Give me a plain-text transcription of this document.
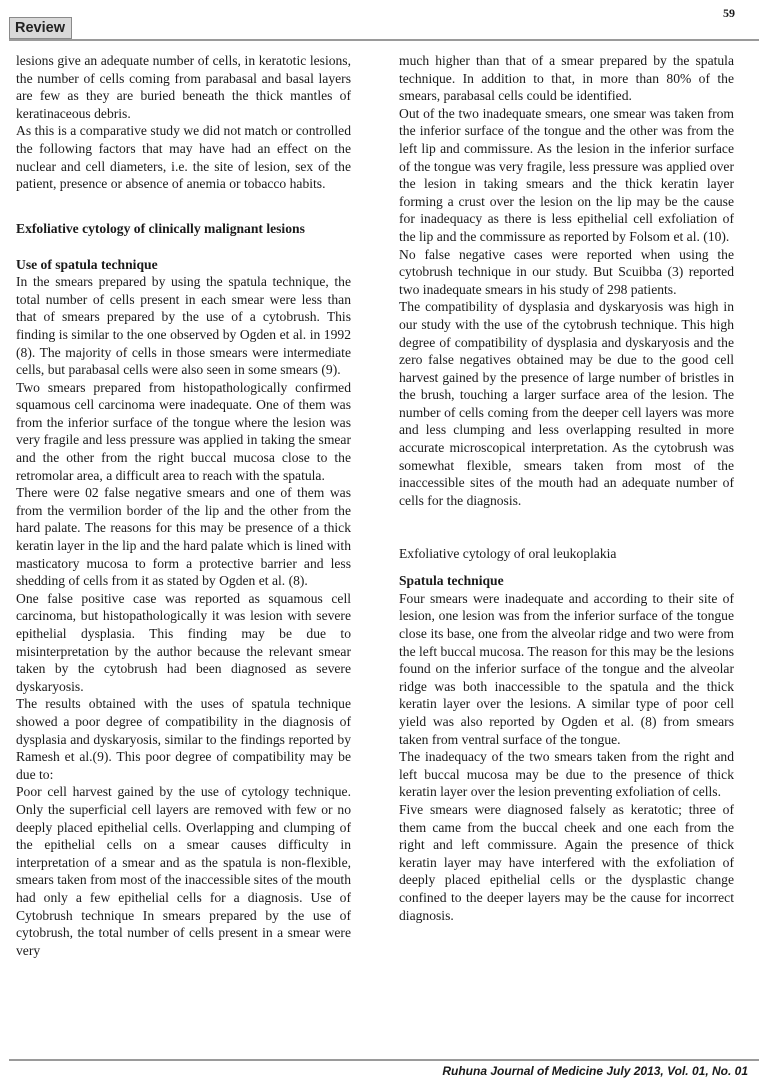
Review
59

lesions give an adequate number of cells, in keratotic lesions, the number of cells coming from parabasal and basal layers are few as they are buried beneath the thick mantles of keratinaceous debris.

As this is a comparative study we did not match or controlled the following factors that may have had an effect on the nuclear and cell diameters, i.e. the site of lesion, sex of the patient, presence or absence of anemia or tobacco habits.

Exfoliative cytology of clinically malignant lesions
Use of spatula technique

In the smears prepared by using the spatula technique, the total number of cells present in each smear were less than that of smears prepared by the use of a cytobrush. This finding is similar to the one observed by Ogden et al. in 1992 (8). The majority of cells in those smears were intermediate cells, but parabasal cells were also seen in some smears (9).

Two smears prepared from histopathologically confirmed squamous cell carcinoma were inadequate. One of them was from the inferior surface of the tongue where the lesion was very fragile and less pressure was applied in taking the smear and the other from the right buccal mucosa close to the retromolar area, a difficult area to reach with the spatula.

There were 02 false negative smears and one of them was from the vermilion border of the lip and the other from the hard palate. The reasons for this may be presence of a thick keratin layer in the lip and the hard palate which is lined with masticatory mucosa to form a protective barrier and less shedding of cells from it as stated by Ogden et al. (8).

One false positive case was reported as squamous cell carcinoma, but histopathologically it was lesion with severe epithelial dysplasia. This finding may be due to misinterpretation by the author because the relevant smear taken by the cytobrush had been diagnosed as severe dyskaryosis.

The results obtained with the uses of spatula technique showed a poor degree of compatibility in the diagnosis of dysplasia and dyskaryosis, similar to the findings reported by Ramesh et al.(9). This poor degree of compatibility may be due to:

Poor cell harvest gained by the use of cytology technique. Only the superficial cell layers are removed with few or no deeply placed epithelial cells. Overlapping and clumping of the epithelial cells on a smear causes difficulty in interpretation of a smear and as the spatula is non-flexible, smears taken from most of the inaccessible sites of the mouth had only a few epithelial cells for a diagnosis. Use of Cytobrush technique In smears prepared by the use of cytobrush, the total number of cells present in a smear were very

much higher than that of a smear prepared by the spatula technique. In addition to that, in more than 80% of the smears, parabasal cells could be identified.

Out of the two inadequate smears, one smear was taken from the inferior surface of the tongue and the other was from the left lip and commissure. As the lesion in the inferior surface of the tongue was very fragile, less pressure was applied over the lesion in taking smears and the thick keratin layer forming a crust over the lesion on the lip may be the cause for inadequacy as there is less epithelial cell exfoliation of the lip and the commissure as reported by Folsom et al. (10).

No false negative cases were reported when using the cytobrush technique in our study. But Scuibba (3) reported two inadequate smears in his study of 298 patients.

The compatibility of dysplasia and dyskaryosis was high in our study with the use of the cytobrush technique. This high degree of compatibility of dysplasia and dyskaryosis and the zero false negatives obtained may be due to the good cell harvest gained by the presence of large number of bristles in the brush, touching a larger surface area of the lesion. The number of cells coming from the deeper cell layers was more and less clumping and less overlapping resulted in more accurate microscopical interpretation. As the cytobrush was somewhat flexible, smears taken from most of the inaccessible sites of the mouth had an adequate number of cells for the diagnosis.

Exfoliative cytology of oral leukoplakia
Spatula technique

Four smears were inadequate and according to their site of lesion, one lesion was from the inferior surface of the tongue close its base, one from the alveolar ridge and two were from the left buccal mucosa. The reason for this may be the lesions found on the inferior surface of the tongue and the alveolar ridge was both inaccessible to the spatula and the thick keratin layer over the lesions. A similar type of poor cell yield was also reported by Ogden et al. (8) from smears taken from ventral surface of the tongue.

The inadequacy of the two smears taken from the right and left buccal mucosa may be due to the presence of thick keratin layer over the lesion preventing exfoliation of cells.

Five smears were diagnosed falsely as keratotic; three of them came from the buccal cheek and one each from the right and left commissure. Again the presence of thick keratin layer may have interfered with the exfoliation of deeply placed epithelial cells or the dysplastic change confined to the deeper layers may be the cause for incorrect diagnosis.

Ruhuna Journal of Medicine July 2013, Vol. 01, No. 01
